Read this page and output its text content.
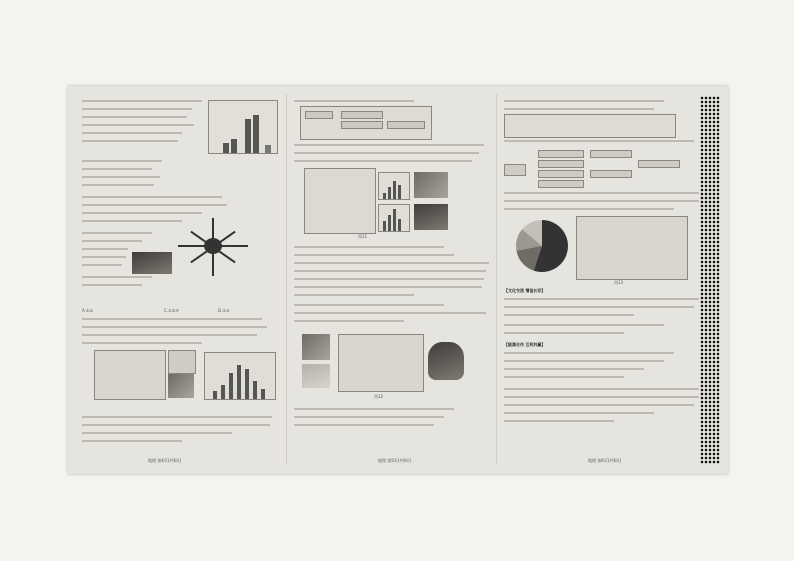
A.①②	C.①③④	D.②③
地理 第4页(共6页)
图11
图12
地理 第5页(共6页)
图13
【文化交流 情谊长存】
【能源合作 互利共赢】
地理 第6页(共6页)
